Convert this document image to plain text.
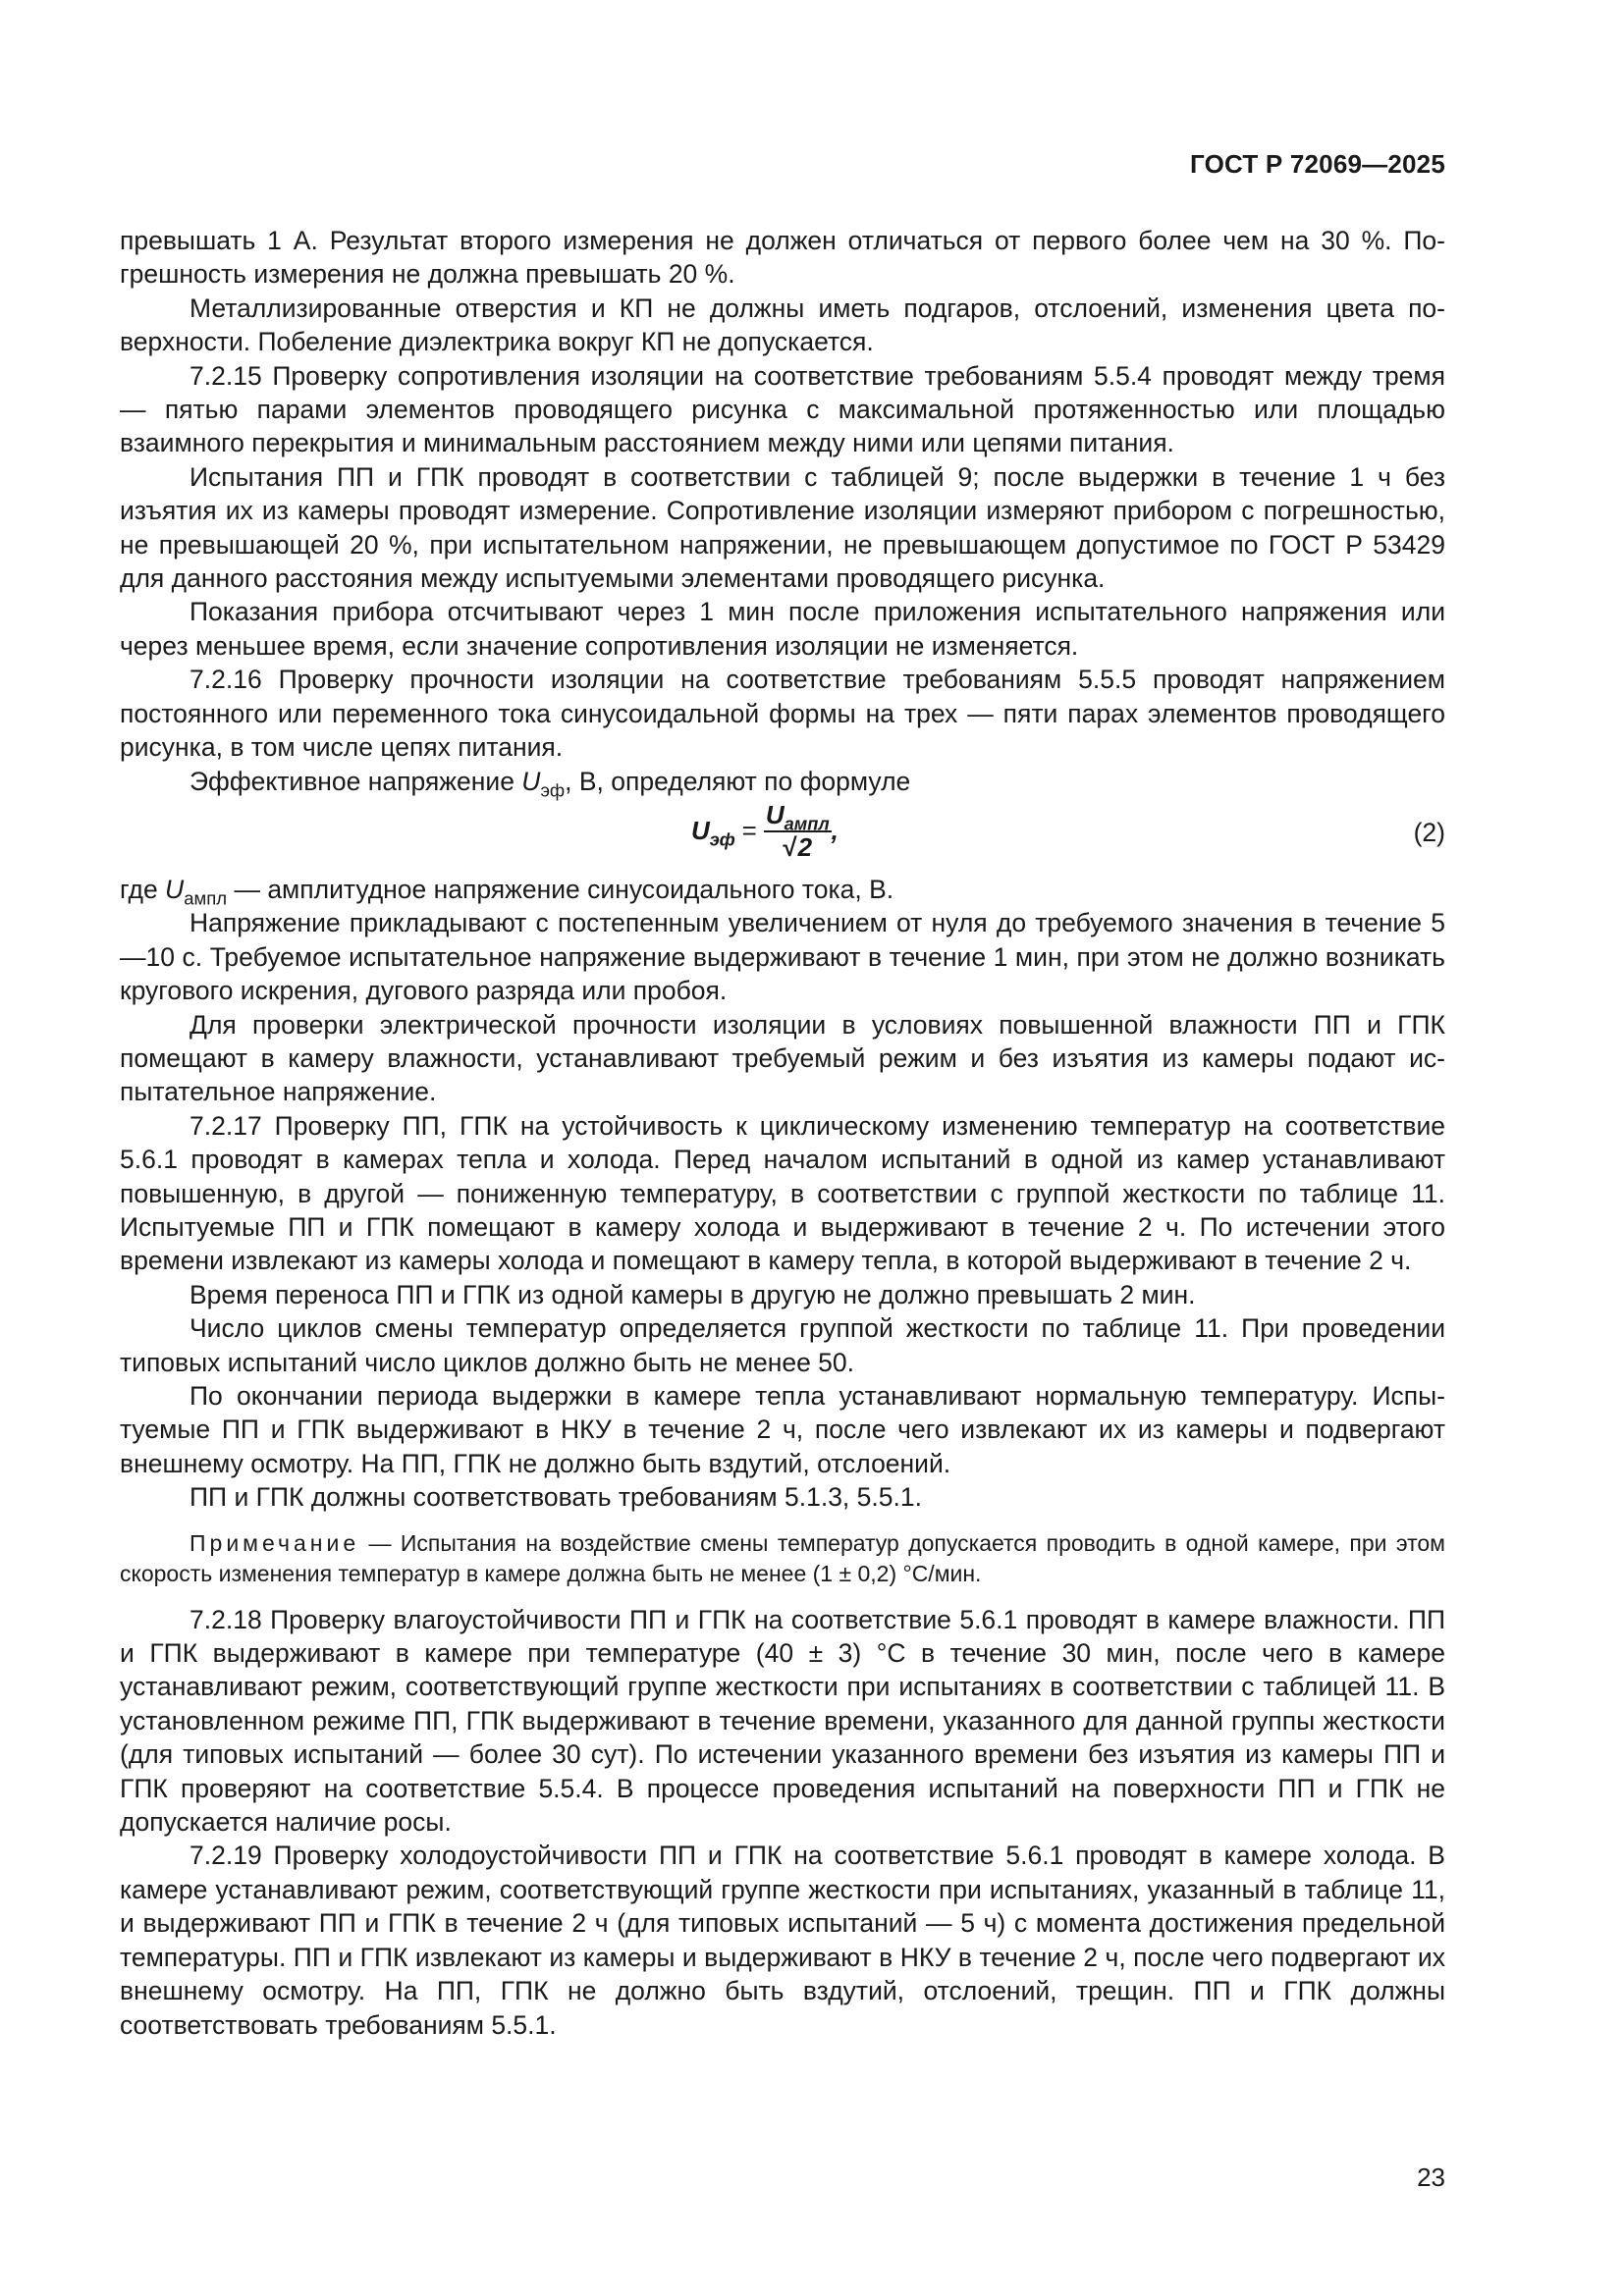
ГОСТ Р 72069—2025

превышать 1 А. Результат второго измерения не должен отличаться от первого более чем на 30 %. Погрешность измерения не должна превышать 20 %.

Металлизированные отверстия и КП не должны иметь подгаров, отслоений, изменения цвета поверхности. Побеление диэлектрика вокруг КП не допускается.

7.2.15 Проверку сопротивления изоляции на соответствие требованиям 5.5.4 проводят между тремя — пятью парами элементов проводящего рисунка с максимальной протяженностью или площадью взаимного перекрытия и минимальным расстоянием между ними или цепями питания.

Испытания ПП и ГПК проводят в соответствии с таблицей 9; после выдержки в течение 1 ч без изъятия их из камеры проводят измерение. Сопротивление изоляции измеряют прибором с погрешностью, не превышающей 20 %, при испытательном напряжении, не превышающем допустимое по ГОСТ Р 53429 для данного расстояния между испытуемыми элементами проводящего рисунка.

Показания прибора отсчитывают через 1 мин после приложения испытательного напряжения или через меньшее время, если значение сопротивления изоляции не изменяется.

7.2.16 Проверку прочности изоляции на соответствие требованиям 5.5.5 проводят напряжением постоянного или переменного тока синусоидальной формы на трех — пяти парах элементов проводящего рисунка, в том числе цепях питания.

Эффективное напряжение $U_{эф}$, В, определяют по формуле

$U_{эф} = \frac{U_{ампл}}{√2}$ ,	(2)

где $U_{ампл}$ — амплитудное напряжение синусоидального тока, В.

Напряжение прикладывают с постепенным увеличением от нуля до требуемого значения в течение 5—10 с. Требуемое испытательное напряжение выдерживают в течение 1 мин, при этом не должно возникать кругового искрения, дугового разряда или пробоя.

Для проверки электрической прочности изоляции в условиях повышенной влажности ПП и ГПК помещают в камеру влажности, устанавливают требуемый режим и без изъятия из камеры подают испытательное напряжение.

7.2.17 Проверку ПП, ГПК на устойчивость к циклическому изменению температур на соответствие 5.6.1 проводят в камерах тепла и холода. Перед началом испытаний в одной из камер устанавливают повышенную, в другой — пониженную температуру, в соответствии с группой жесткости по таблице 11. Испытуемые ПП и ГПК помещают в камеру холода и выдерживают в течение 2 ч. По истечении этого времени извлекают из камеры холода и помещают в камеру тепла, в которой выдерживают в течение 2 ч.

Время переноса ПП и ГПК из одной камеры в другую не должно превышать 2 мин.

Число циклов смены температур определяется группой жесткости по таблице 11. При проведении типовых испытаний число циклов должно быть не менее 50.

По окончании периода выдержки в камере тепла устанавливают нормальную температуру. Испытуемые ПП и ГПК выдерживают в НКУ в течение 2 ч, после чего извлекают их из камеры и подвергают внешнему осмотру. На ПП, ГПК не должно быть вздутий, отслоений.

ПП и ГПК должны соответствовать требованиям 5.1.3, 5.5.1.

Примечание — Испытания на воздействие смены температур допускается проводить в одной камере, при этом скорость изменения температур в камере должна быть не менее (1 ± 0,2) °С/мин.

7.2.18 Проверку влагоустойчивости ПП и ГПК на соответствие 5.6.1 проводят в камере влажности. ПП и ГПК выдерживают в камере при температуре (40 ± 3) °С в течение 30 мин, после чего в камере устанавливают режим, соответствующий группе жесткости при испытаниях в соответствии с таблицей 11. В установленном режиме ПП, ГПК выдерживают в течение времени, указанного для данной группы жесткости (для типовых испытаний — более 30 сут). По истечении указанного времени без изъятия из камеры ПП и ГПК проверяют на соответствие 5.5.4. В процессе проведения испытаний на поверхности ПП и ГПК не допускается наличие росы.

7.2.19 Проверку холодоустойчивости ПП и ГПК на соответствие 5.6.1 проводят в камере холода. В камере устанавливают режим, соответствующий группе жесткости при испытаниях, указанный в таблице 11, и выдерживают ПП и ГПК в течение 2 ч (для типовых испытаний — 5 ч) с момента достижения предельной температуры. ПП и ГПК извлекают из камеры и выдерживают в НКУ в течение 2 ч, после чего подвергают их внешнему осмотру. На ПП, ГПК не должно быть вздутий, отслоений, трещин. ПП и ГПК должны соответствовать требованиям 5.5.1.

23
